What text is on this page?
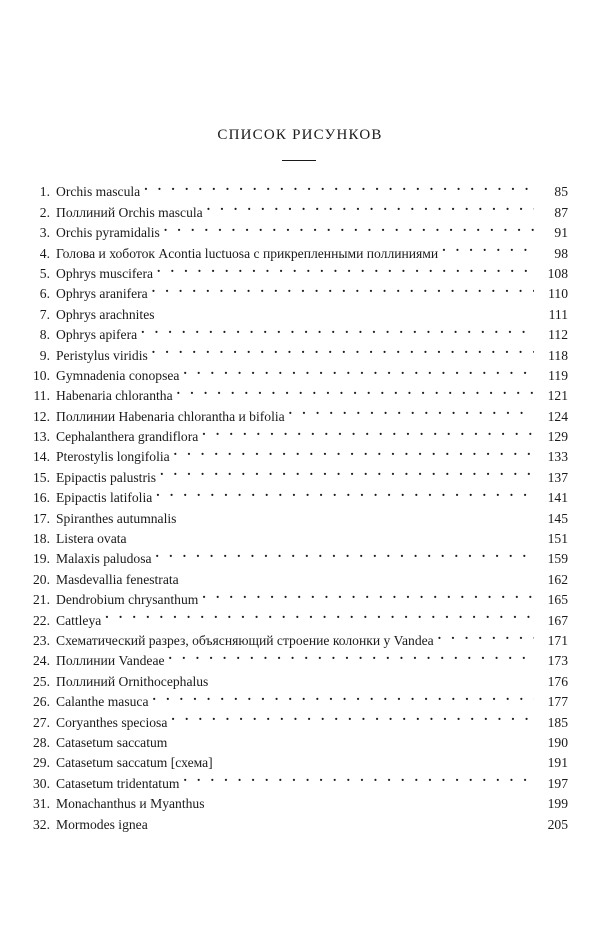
СПИСОК РИСУНКОВ
1. Orchis mascula . . .	85
2. Поллиний Orchis mascula . . .	87
3. Orchis pyramidalis . . .	91
4. Голова и хоботок Acontia luctuosa с прикрепленными поллиниями . . .	98
5. Ophrys muscifera . . .	108
6. Ophrys aranifera . . .	110
7. Ophrys arachnites	111
8. Ophrys apifera . . .	112
9. Peristylus viridis . . .	118
10. Gymnadenia conopsea . . .	119
11. Habenaria chlorantha . . .	121
12. Поллинии Habenaria chlorantha и bifolia . . .	124
13. Cephalanthera grandiflora . . .	129
14. Pterostylis longifolia . . .	133
15. Epipactis palustris . . .	137
16. Epipactis latifolia . . .	141
17. Spiranthes autumnalis	145
18. Listera ovata	151
19. Malaxis paludosa . . .	159
20. Masdevallia fenestrata	162
21. Dendrobium chrysanthum . . .	165
22. Cattleya . . .	167
23. Схематический разрез, объясняющий строение колонки у Vandea . . .	171
24. Поллинии Vandeae . . .	173
25. Поллиний Ornithocephalus	176
26. Calanthe masuca . . .	177
27. Coryanthes speciosa . . .	185
28. Catasetum saccatum	190
29. Catasetum saccatum [схема]	191
30. Catasetum tridentatum . . .	197
31. Monachanthus и Myanthus	199
32. Mormodes ignea	205
